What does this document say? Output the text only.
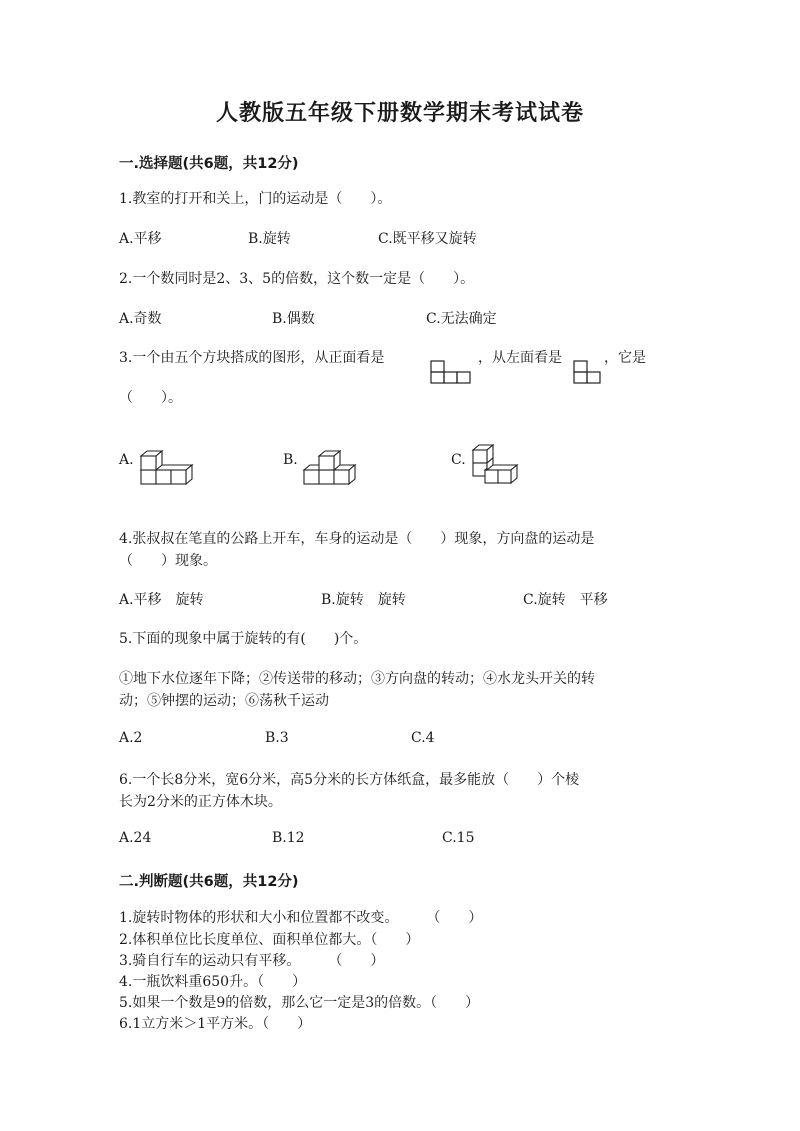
人教版五年级下册数学期末考试试卷
一.选择题(共6题，共12分)
1.教室的打开和关上，门的运动是（　　）。
A.平移	B.旋转	C.既平移又旋转
2.一个数同时是2、3、5的倍数，这个数一定是（　　）。
A.奇数	B.偶数	C.无法确定
3.一个由五个方块搭成的图形，从正面看是	，从左面看是	，它是
（　　）。
A.	B.	C.
4.张叔叔在笔直的公路上开车，车身的运动是（　　）现象，方向盘的运动是
（　　）现象。
A.平移　旋转	B.旋转　旋转	C.旋转　平移
5.下面的现象中属于旋转的有(　　)个。
①地下水位逐年下降；②传送带的移动；③方向盘的转动；④水龙头开关的转
动；⑤钟摆的运动；⑥荡秋千运动
A.2	B.3	C.4
6.一个长8分米，宽6分米，高5分米的长方体纸盒，最多能放（　　）个棱
长为2分米的正方体木块。
A.24	B.12	C.15
二.判断题(共6题，共12分)
1.旋转时物体的形状和大小和位置都不改变。　　　（　　）
2.体积单位比长度单位、面积单位都大。（　　）
3.骑自行车的运动只有平移。　　　（　　）
4.一瓶饮料重650升。（　　）
5.如果一个数是9的倍数，那么它一定是3的倍数。（　　）
6.1立方米＞1平方米。（　　）
